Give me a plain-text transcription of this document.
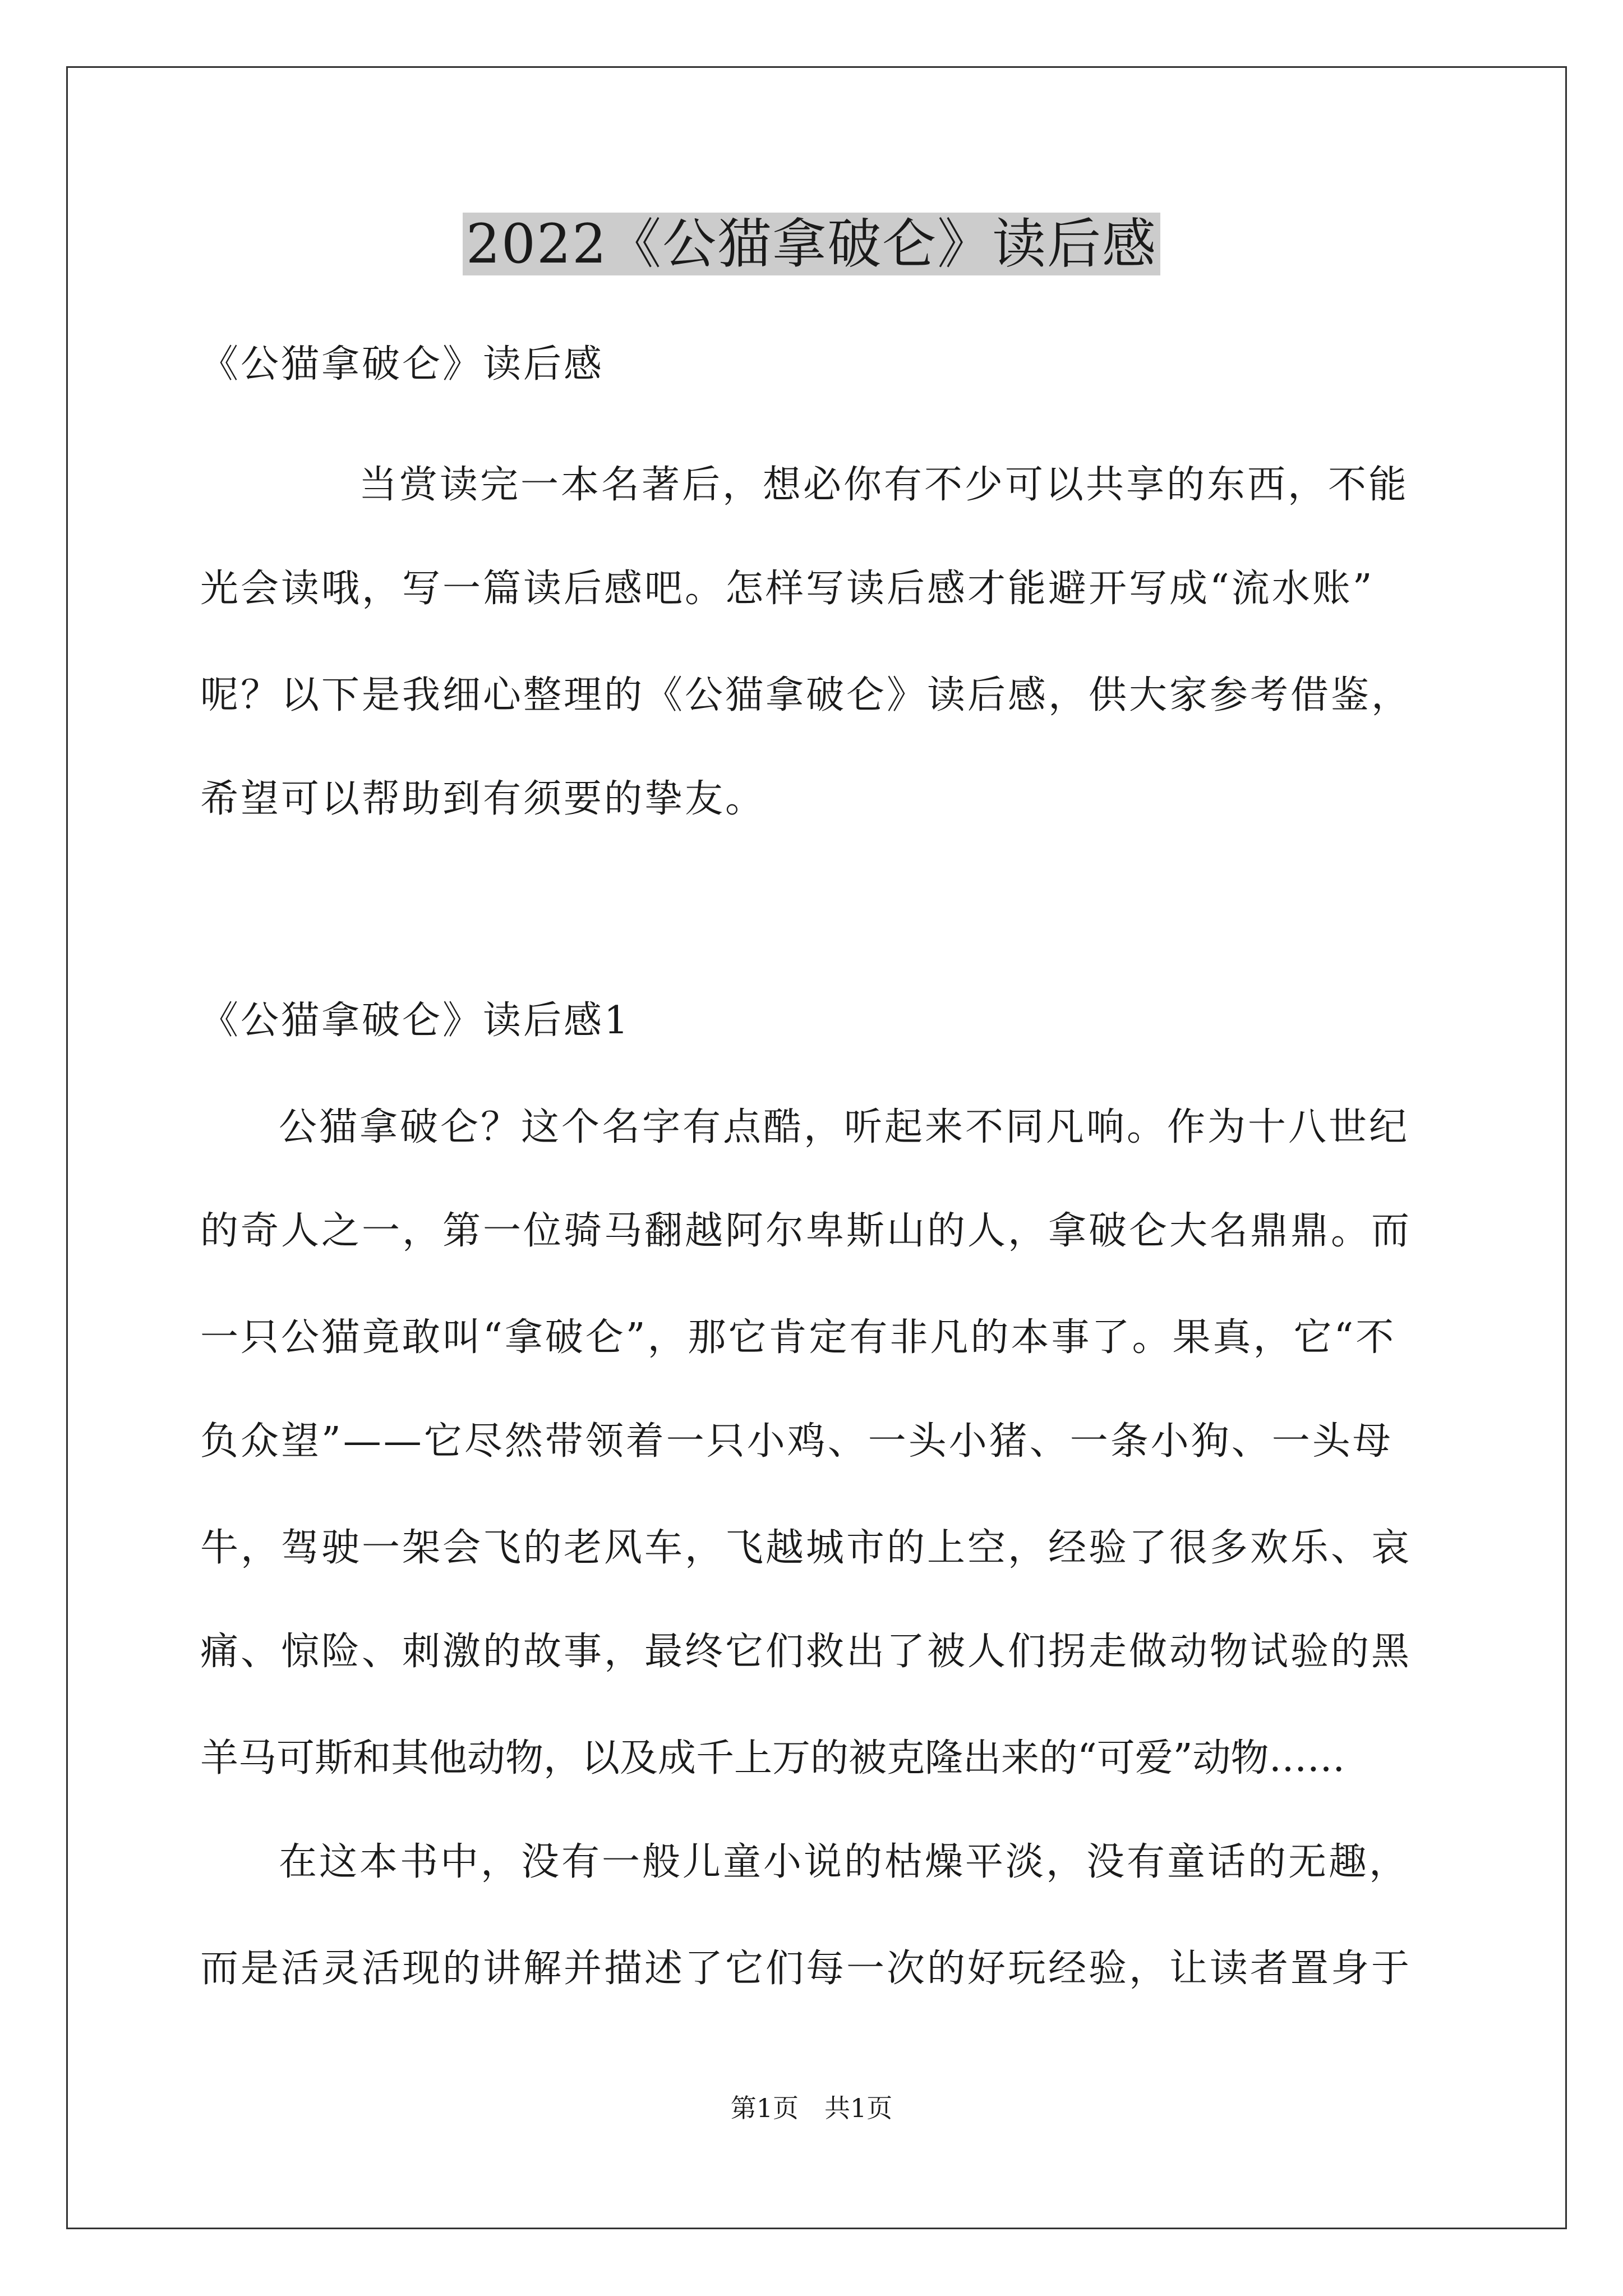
2022《公猫拿破仑》读后感
《公猫拿破仑》读后感
当赏读完一本名著后，想必你有不少可以共享的东西，不能
光会读哦，写一篇读后感吧。怎样写读后感才能避开写成“流水账”
呢？以下是我细心整理的《公猫拿破仑》读后感，供大家参考借鉴，
希望可以帮助到有须要的挚友。
《公猫拿破仑》读后感1
公猫拿破仑？这个名字有点酷，听起来不同凡响。作为十八世纪
的奇人之一，第一位骑马翻越阿尔卑斯山的人，拿破仑大名鼎鼎。而
一只公猫竟敢叫“拿破仑”，那它肯定有非凡的本事了。果真，它“不
负众望”——它尽然带领着一只小鸡、一头小猪、一条小狗、一头母
牛，驾驶一架会飞的老风车，飞越城市的上空，经验了很多欢乐、哀
痛、惊险、刺激的故事，最终它们救出了被人们拐走做动物试验的黑
羊马可斯和其他动物，以及成千上万的被克隆出来的“可爱”动物……
在这本书中，没有一般儿童小说的枯燥平淡，没有童话的无趣，
而是活灵活现的讲解并描述了它们每一次的好玩经验，让读者置身于
第1页　共1页
